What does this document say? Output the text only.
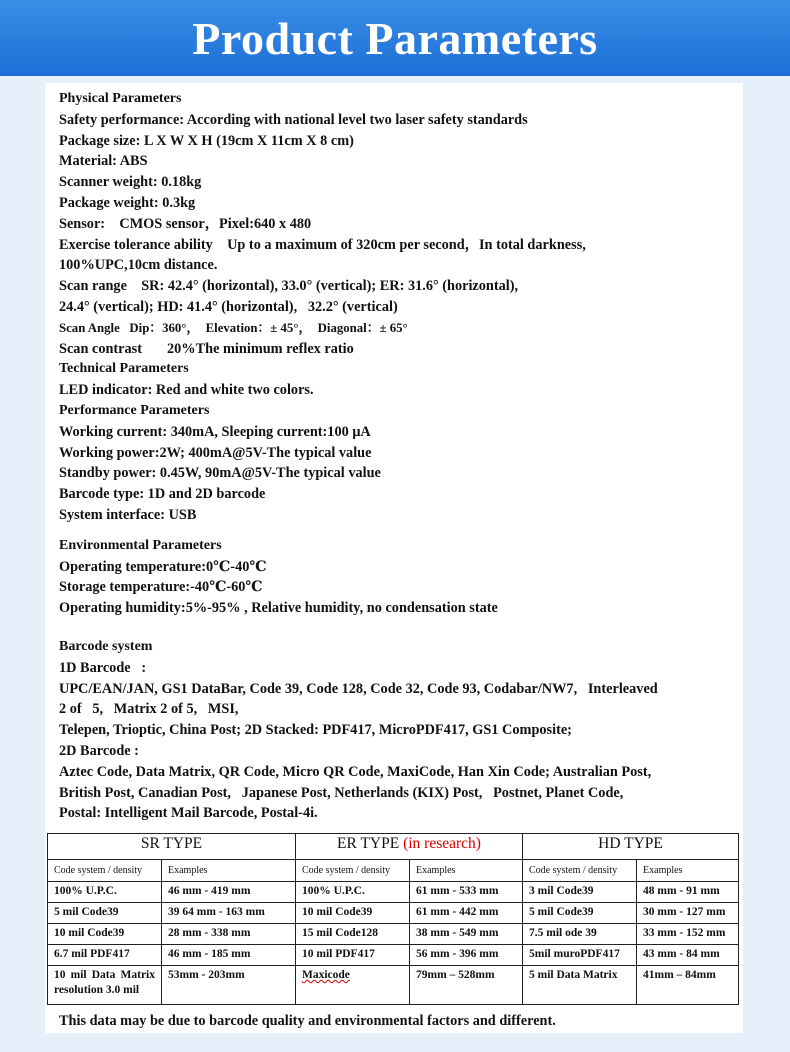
Product Parameters
Physical Parameters
Safety performance: According with national level two laser safety standards
Package size: L X W X H (19cm X 11cm X 8 cm)
Material: ABS
Scanner weight: 0.18kg
Package weight: 0.3kg
Sensor:    CMOS sensor，Pixel:640 x 480
Exercise tolerance ability    Up to a maximum of 320cm per second，In total darkness,
100%UPC,10cm distance.
Scan range    SR: 42.4° (horizontal), 33.0° (vertical); ER: 31.6° (horizontal),
24.4° (vertical); HD: 41.4° (horizontal),   32.2° (vertical)
Scan Angle   Dip：360°，  Elevation：± 45°，  Diagonal：± 65°
Scan contrast       20%The minimum reflex ratio
Technical Parameters
LED indicator: Red and white two colors.
Performance Parameters
Working current: 340mA, Sleeping current:100 μA
Working power:2W; 400mA@5V-The typical value
Standby power: 0.45W, 90mA@5V-The typical value
Barcode type: 1D and 2D barcode
System interface: USB
Environmental Parameters
Operating temperature:0℃-40℃
Storage temperature:-40℃-60℃
Operating humidity:5%-95% , Relative humidity, no condensation state
Barcode system
1D Barcode   :
UPC/EAN/JAN, GS1 DataBar, Code 39, Code 128, Code 32, Code 93, Codabar/NW7,   Interleaved
2 of   5,   Matrix 2 of 5,   MSI,
Telepen, Trioptic, China Post; 2D Stacked: PDF417, MicroPDF417, GS1 Composite;
2D Barcode :
Aztec Code, Data Matrix, QR Code, Micro QR Code, MaxiCode, Han Xin Code; Australian Post,
British Post, Canadian Post,   Japanese Post, Netherlands (KIX) Post,   Postnet, Planet Code,
Postal: Intelligent Mail Barcode, Postal-4i.
SR TYPE		ER TYPE (in research)		HD TYPE	
Code system / density	Examples	Code system / density	Examples	Code system / density	Examples
100% U.P.C.	46 mm - 419 mm	100% U.P.C.	61 mm - 533 mm	3 mil Code39	48 mm - 91 mm
5 mil Code39	39 64 mm - 163 mm	10 mil Code39	61 mm - 442 mm	5 mil Code39	30 mm - 127 mm
10 mil Code39	28 mm - 338 mm	15 mil Code128	38 mm - 549 mm	7.5 mil ode 39	33 mm - 152 mm
6.7 mil PDF417	46 mm - 185 mm	10 mil PDF417	56 mm - 396 mm	5mil muroPDF417	43 mm - 84 mm
10 mil Data Matrix resolution 3.0 mil	53mm - 203mm	Maxicode	79mm – 528mm	5 mil Data Matrix	41mm – 84mm
This data may be due to barcode quality and environmental factors and different.
